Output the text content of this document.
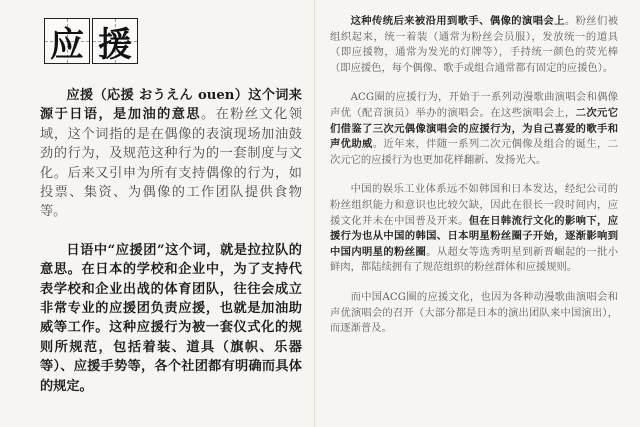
应 援

应援（応援 おうえん ouen）这个词来源于日语，是加油的意思。在粉丝文化领域，这个词指的是在偶像的表演现场加油鼓劲的行为，及规范这种行为的一套制度与文化。后来又引申为所有支持偶像的行为，如投票、集资、为偶像的工作团队提供食物等。

日语中“应援团”这个词，就是拉拉队的意思。在日本的学校和企业中，为了支持代表学校和企业出战的体育团队，往往会成立非常专业的应援团负责应援，也就是加油助威等工作。这种应援行为被一套仪式化的规则所规范，包括着装、道具（旗帜、乐器等）、应援手势等，各个社团都有明确而具体的规定。

这种传统后来被沿用到歌手、偶像的演唱会上。粉丝们被组织起来，统一着装（通常为粉丝会员服），发放统一的道具（即应援物，通常为发光的灯牌等），手持统一颜色的荧光棒（即应援色，每个偶像、歌手或组合通常都有固定的应援色）。

ACG圈的应援行为，开始于一系列动漫歌曲演唱会和偶像声优（配音演员）举办的演唱会。在这些演唱会上，二次元它们借鉴了三次元偶像演唱会的应援行为，为自己喜爱的歌手和声优助威。近年来，伴随一系列二次元偶像及组合的诞生，二次元它的应援行为也更加花样翻新、发扬光大。

中国的娱乐工业体系远不如韩国和日本发达，经纪公司的粉丝组织能力和意识也比较欠缺，因此在很长一段时间内，应援文化并未在中国普及开来。但在日韩流行文化的影响下，应援行为也从中国的韩国、日本明星粉丝圈子开始，逐渐影响到中国内明星的粉丝圈。从超女等选秀明星到新晋崛起的一批小鲜肉，都陆续拥有了规范组织的粉丝群体和应援规则。

而中国ACG圈的应援文化，也因为各种动漫歌曲演唱会和声优演唱会的召开（大部分都是日本的演出团队来中国演出），而逐渐普及。
